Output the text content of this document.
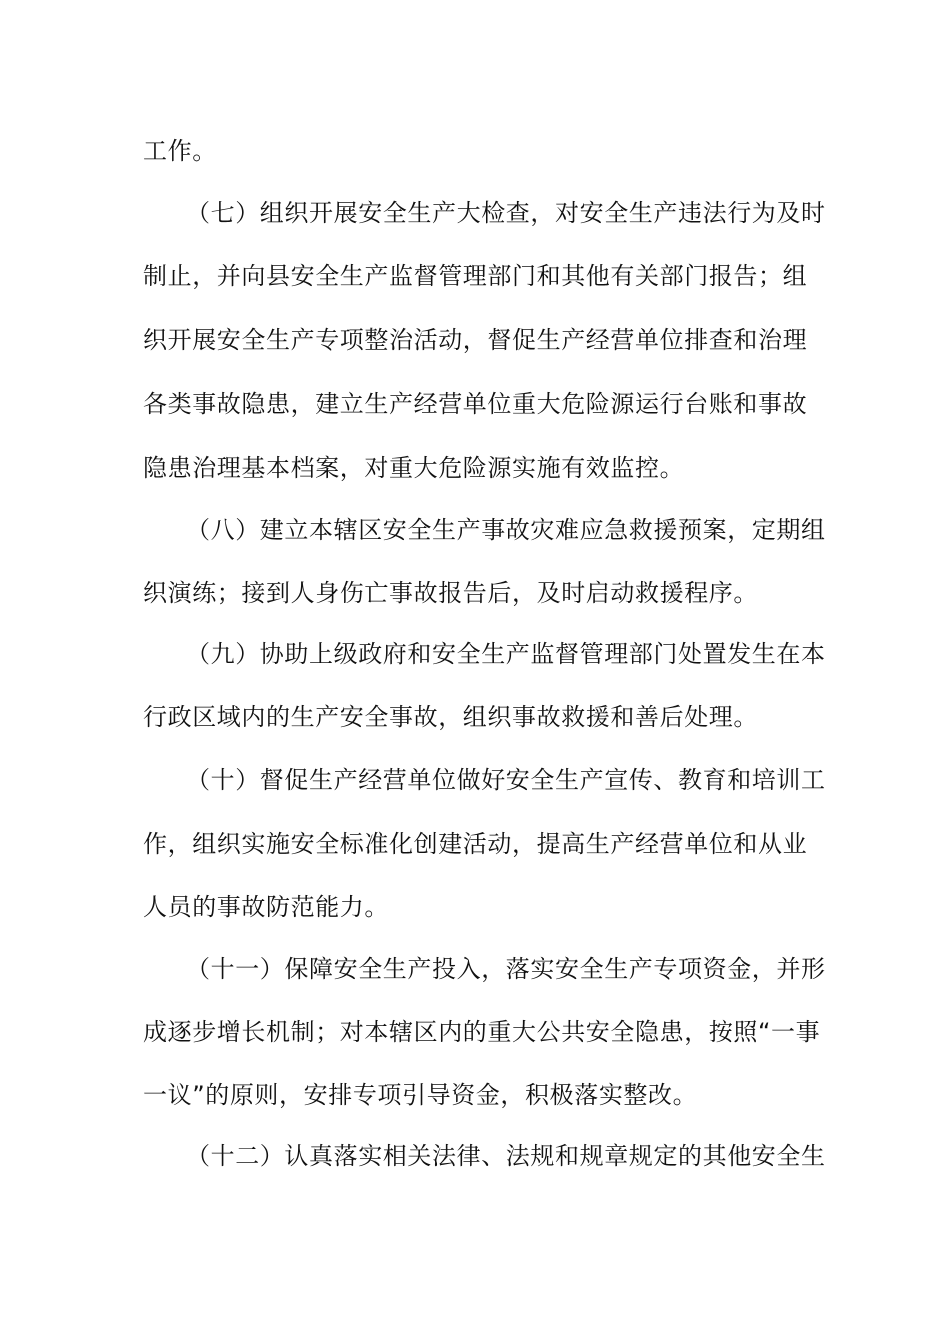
工作。
（七）组织开展安全生产大检查，对安全生产违法行为及时
制止，并向县安全生产监督管理部门和其他有关部门报告；组
织开展安全生产专项整治活动，督促生产经营单位排查和治理
各类事故隐患，建立生产经营单位重大危险源运行台账和事故
隐患治理基本档案，对重大危险源实施有效监控。
（八）建立本辖区安全生产事故灾难应急救援预案，定期组
织演练；接到人身伤亡事故报告后，及时启动救援程序。
（九）协助上级政府和安全生产监督管理部门处置发生在本
行政区域内的生产安全事故，组织事故救援和善后处理。
（十）督促生产经营单位做好安全生产宣传、教育和培训工
作，组织实施安全标准化创建活动，提高生产经营单位和从业
人员的事故防范能力。
（十一）保障安全生产投入，落实安全生产专项资金，并形
成逐步增长机制；对本辖区内的重大公共安全隐患，按照“一事
一议”的原则，安排专项引导资金，积极落实整改。
（十二）认真落实相关法律、法规和规章规定的其他安全生
